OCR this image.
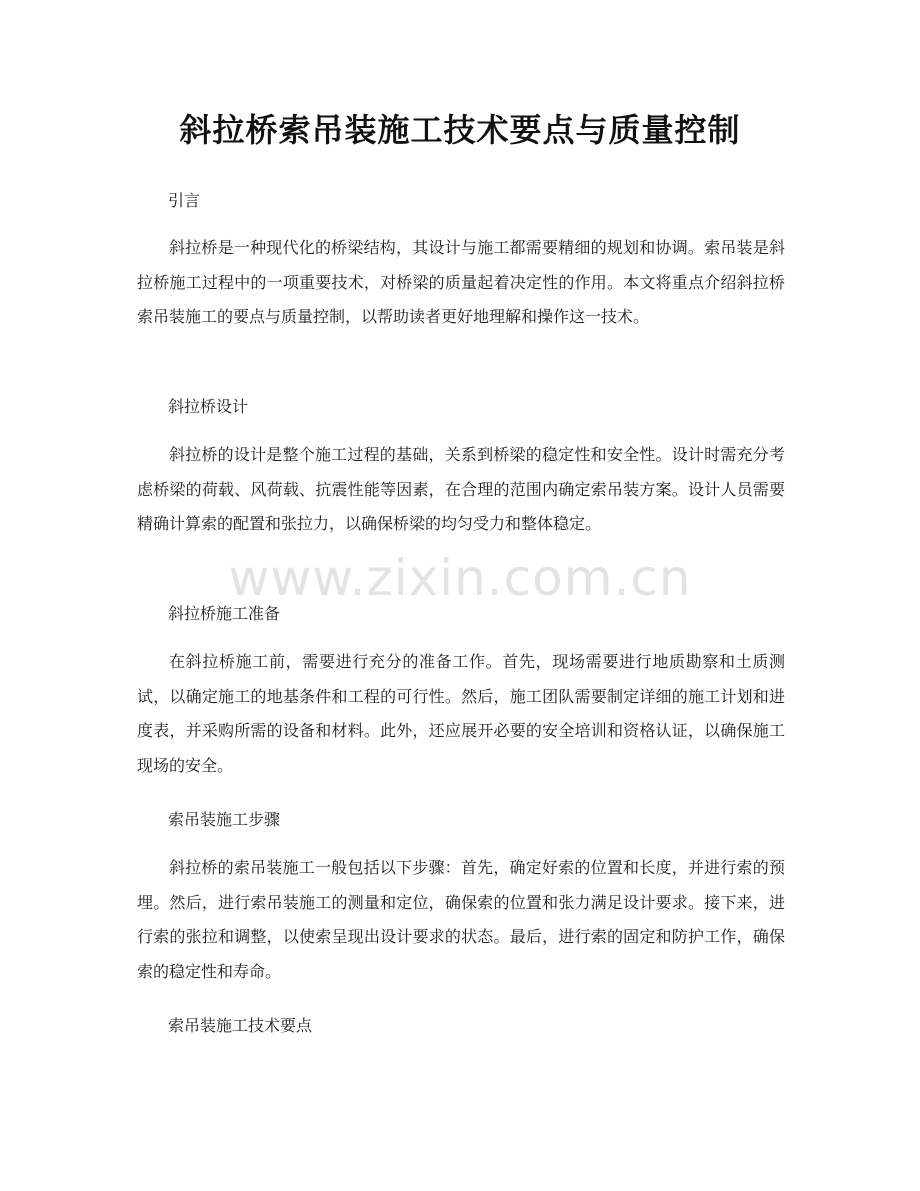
斜拉桥索吊装施工技术要点与质量控制
引言

斜拉桥是一种现代化的桥梁结构，其设计与施工都需要精细的规划和协调。索吊装是斜拉桥施工过程中的一项重要技术，对桥梁的质量起着决定性的作用。本文将重点介绍斜拉桥索吊装施工的要点与质量控制，以帮助读者更好地理解和操作这一技术。

斜拉桥设计

斜拉桥的设计是整个施工过程的基础，关系到桥梁的稳定性和安全性。设计时需充分考虑桥梁的荷载、风荷载、抗震性能等因素，在合理的范围内确定索吊装方案。设计人员需要精确计算索的配置和张拉力，以确保桥梁的均匀受力和整体稳定。

斜拉桥施工准备

在斜拉桥施工前，需要进行充分的准备工作。首先，现场需要进行地质勘察和土质测试，以确定施工的地基条件和工程的可行性。然后，施工团队需要制定详细的施工计划和进度表，并采购所需的设备和材料。此外，还应展开必要的安全培训和资格认证，以确保施工现场的安全。

索吊装施工步骤

斜拉桥的索吊装施工一般包括以下步骤：首先，确定好索的位置和长度，并进行索的预埋。然后，进行索吊装施工的测量和定位，确保索的位置和张力满足设计要求。接下来，进行索的张拉和调整，以使索呈现出设计要求的状态。最后，进行索的固定和防护工作，确保索的稳定性和寿命。

索吊装施工技术要点
www.zixin.com.cn
